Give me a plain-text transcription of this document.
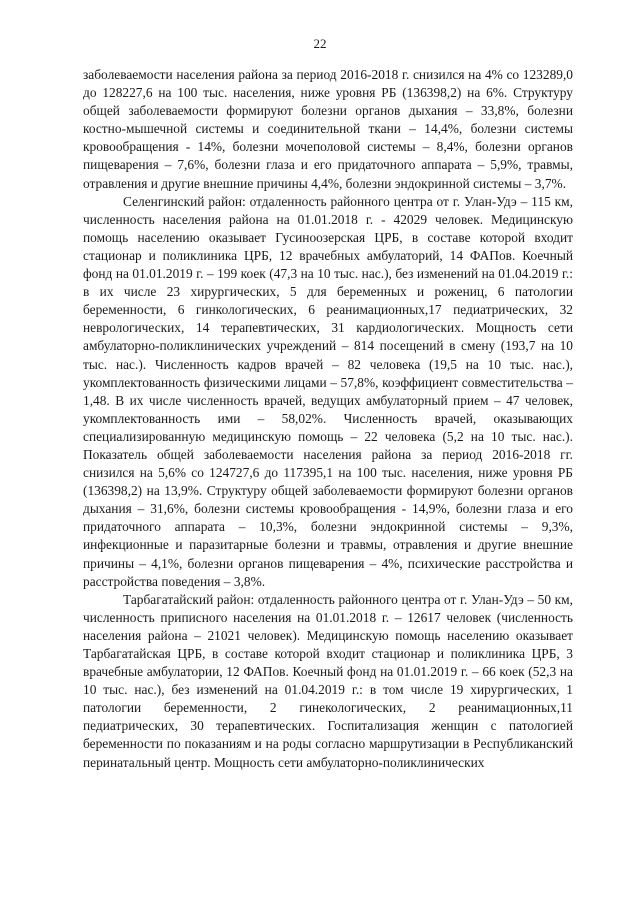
22

заболеваемости населения района за период 2016-2018 г. снизился на 4% со 123289,0 до 128227,6 на 100 тыс. населения, ниже уровня РБ (136398,2) на 6%. Структуру общей заболеваемости формируют болезни органов дыхания – 33,8%, болезни костно-мышечной системы и соединительной ткани – 14,4%, болезни системы кровообращения - 14%, болезни мочеполовой системы – 8,4%, болезни органов пищеварения – 7,6%, болезни глаза и его придаточного аппарата – 5,9%, травмы, отравления и другие внешние причины 4,4%, болезни эндокринной системы – 3,7%.

Селенгинский район: отдаленность районного центра от г. Улан-Удэ – 115 км, численность населения района на 01.01.2018 г. - 42029 человек. Медицинскую помощь населению оказывает Гусиноозерская ЦРБ, в составе которой входит стационар и поликлиника ЦРБ, 12 врачебных амбулаторий, 14 ФАПов. Коечный фонд на 01.01.2019 г. – 199 коек (47,3 на 10 тыс. нас.), без изменений на 01.04.2019 г.: в их числе 23 хирургических, 5 для беременных и рожениц, 6 патологии беременности, 6 гинкологических, 6 реанимационных,17 педиатрических, 32 неврологических, 14 терапевтических, 31 кардиологических. Мощность сети амбулаторно-поликлинических учреждений – 814 посещений в смену (193,7 на 10 тыс. нас.). Численность кадров врачей – 82 человека (19,5 на 10 тыс. нас.), укомплектованность физическими лицами – 57,8%, коэффициент совместительства – 1,48. В их числе численность врачей, ведущих амбулаторный прием – 47 человек, укомплектованность ими – 58,02%. Численность врачей, оказывающих специализированную медицинскую помощь – 22 человека (5,2 на 10 тыс. нас.). Показатель общей заболеваемости населения района за период 2016-2018 гг. снизился на 5,6% со 124727,6 до 117395,1 на 100 тыс. населения, ниже уровня РБ (136398,2) на 13,9%. Структуру общей заболеваемости формируют болезни органов дыхания – 31,6%, болезни системы кровообращения - 14,9%, болезни глаза и его придаточного аппарата – 10,3%, болезни эндокринной системы – 9,3%, инфекционные и паразитарные болезни и травмы, отравления и другие внешние причины – 4,1%, болезни органов пищеварения – 4%, психические расстройства и расстройства поведения – 3,8%.

Тарбагатайский район: отдаленность районного центра от г. Улан-Удэ – 50 км, численность приписного населения на 01.01.2018 г. – 12617 человек (численность населения района – 21021 человек). Медицинскую помощь населению оказывает Тарбагатайская ЦРБ, в составе которой входит стационар и поликлиника ЦРБ, 3 врачебные амбулатории, 12 ФАПов. Коечный фонд на 01.01.2019 г. – 66 коек (52,3 на 10 тыс. нас.), без изменений на 01.04.2019 г.: в том числе 19 хирургических, 1 патологии беременности, 2 гинекологических, 2 реанимационных,11 педиатрических, 30 терапевтических. Госпитализация женщин с патологией беременности по показаниям и на роды согласно маршрутизации в Республиканский перинатальный центр. Мощность сети амбулаторно-поликлинических
